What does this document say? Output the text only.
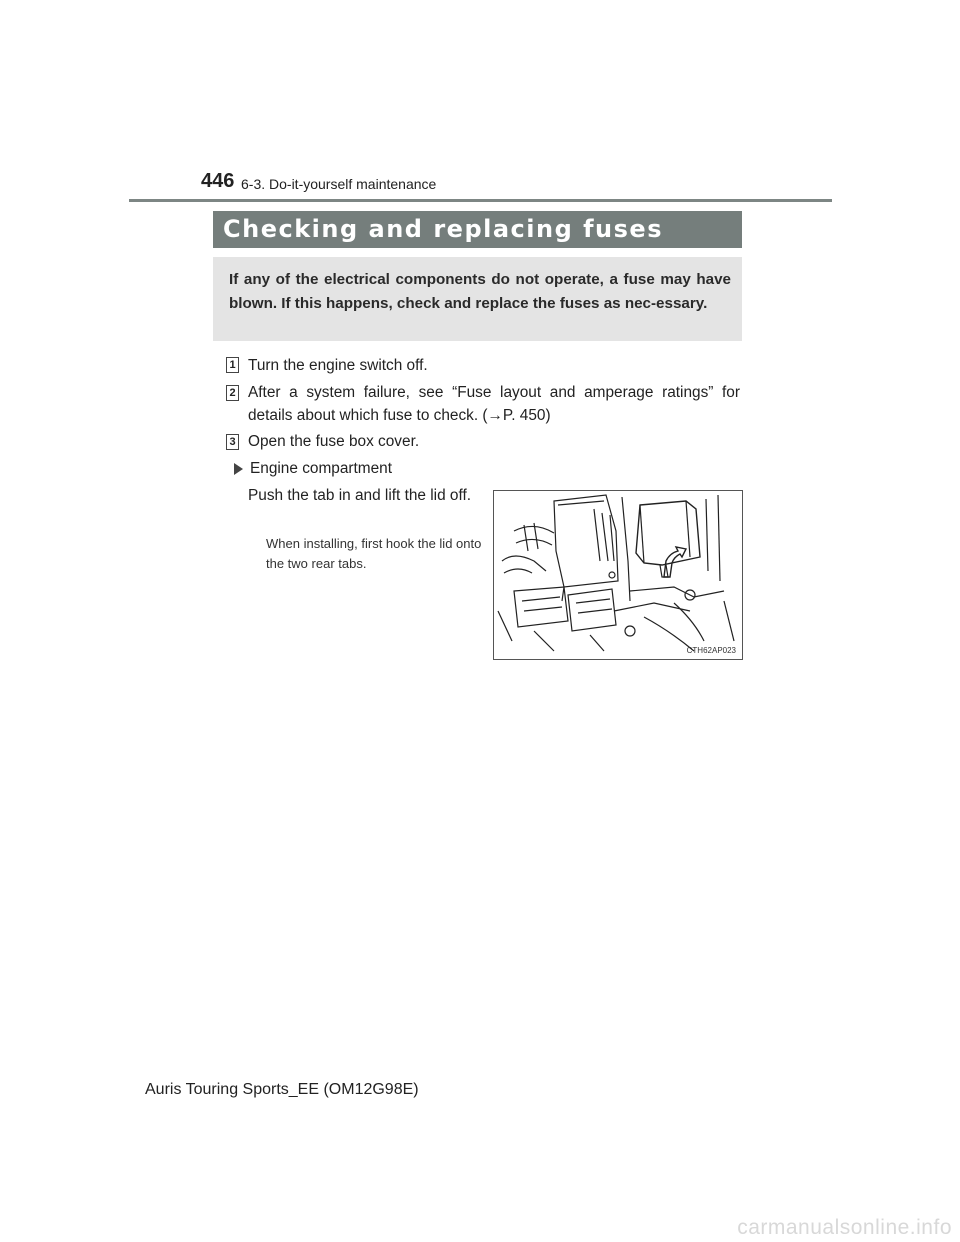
446 6-3. Do-it-yourself maintenance
Checking and replacing fuses
If any of the electrical components do not operate, a fuse may have blown. If this happens, check and replace the fuses as nec-essary.
1 Turn the engine switch off.
2 After a system failure, see “Fuse layout and amperage ratings” for details about which fuse to check. (→P. 450)
3 Open the fuse box cover.
Engine compartment
Push the tab in and lift the lid off.
When installing, first hook the lid onto the two rear tabs.
CTH62AP023
Auris Touring Sports_EE (OM12G98E)
carmanualsonline.info
